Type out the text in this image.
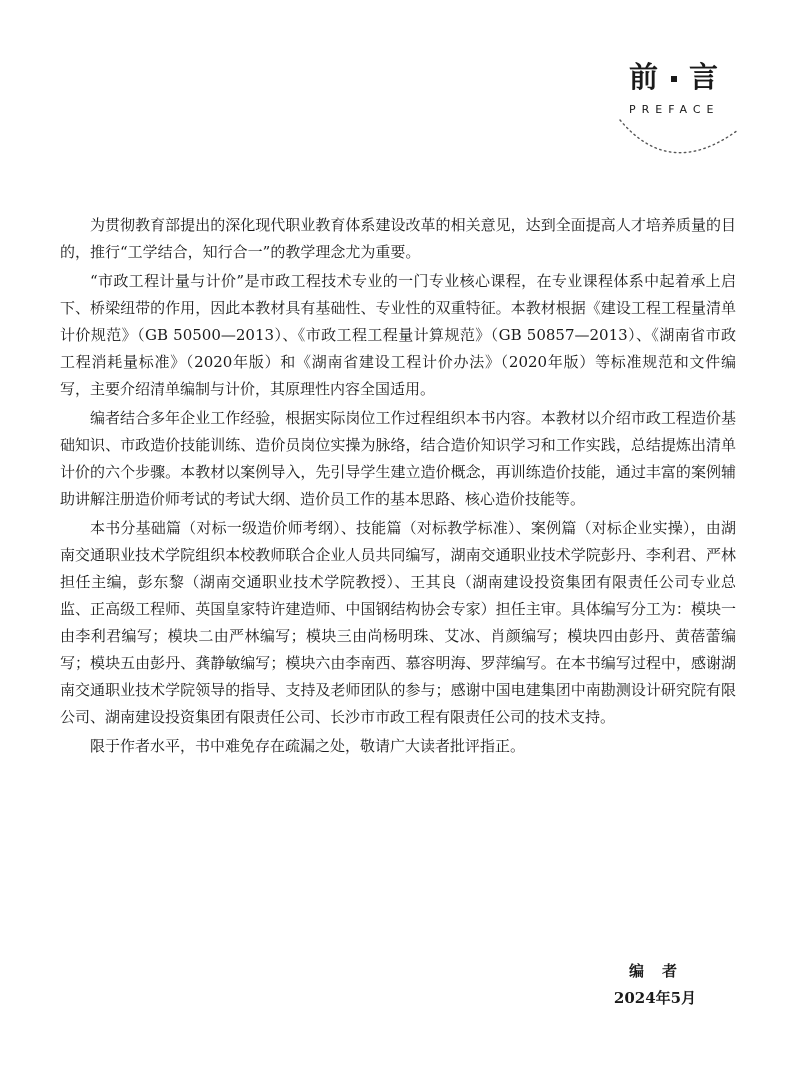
前 言
PREFACE

为贯彻教育部提出的深化现代职业教育体系建设改革的相关意见，达到全面提高人才培养质量的目的，推行“工学结合，知行合一”的教学理念尤为重要。

“市政工程计量与计价”是市政工程技术专业的一门专业核心课程，在专业课程体系中起着承上启下、桥梁纽带的作用，因此本教材具有基础性、专业性的双重特征。本教材根据《建设工程工程量清单计价规范》（GB 50500—2013）、《市政工程工程量计算规范》（GB 50857—2013）、《湖南省市政工程消耗量标准》（2020年版）和《湖南省建设工程计价办法》（2020年版）等标准规范和文件编写，主要介绍清单编制与计价，其原理性内容全国适用。

编者结合多年企业工作经验，根据实际岗位工作过程组织本书内容。本教材以介绍市政工程造价基础知识、市政造价技能训练、造价员岗位实操为脉络，结合造价知识学习和工作实践，总结提炼出清单计价的六个步骤。本教材以案例导入，先引导学生建立造价概念，再训练造价技能，通过丰富的案例辅助讲解注册造价师考试的考试大纲、造价员工作的基本思路、核心造价技能等。

本书分基础篇（对标一级造价师考纲）、技能篇（对标教学标准）、案例篇（对标企业实操），由湖南交通职业技术学院组织本校教师联合企业人员共同编写，湖南交通职业技术学院彭丹、李利君、严林担任主编，彭东黎（湖南交通职业技术学院教授）、王其良（湖南建设投资集团有限责任公司专业总监、正高级工程师、英国皇家特许建造师、中国钢结构协会专家）担任主审。具体编写分工为：模块一由李利君编写；模块二由严林编写；模块三由尚杨明珠、艾冰、肖颜编写；模块四由彭丹、黄蓓蕾编写；模块五由彭丹、龚静敏编写；模块六由李南西、慕容明海、罗萍编写。在本书编写过程中，感谢湖南交通职业技术学院领导的指导、支持及老师团队的参与；感谢中国电建集团中南勘测设计研究院有限公司、湖南建设投资集团有限责任公司、长沙市市政工程有限责任公司的技术支持。

限于作者水平，书中难免存在疏漏之处，敬请广大读者批评指正。

编者
2024年5月
